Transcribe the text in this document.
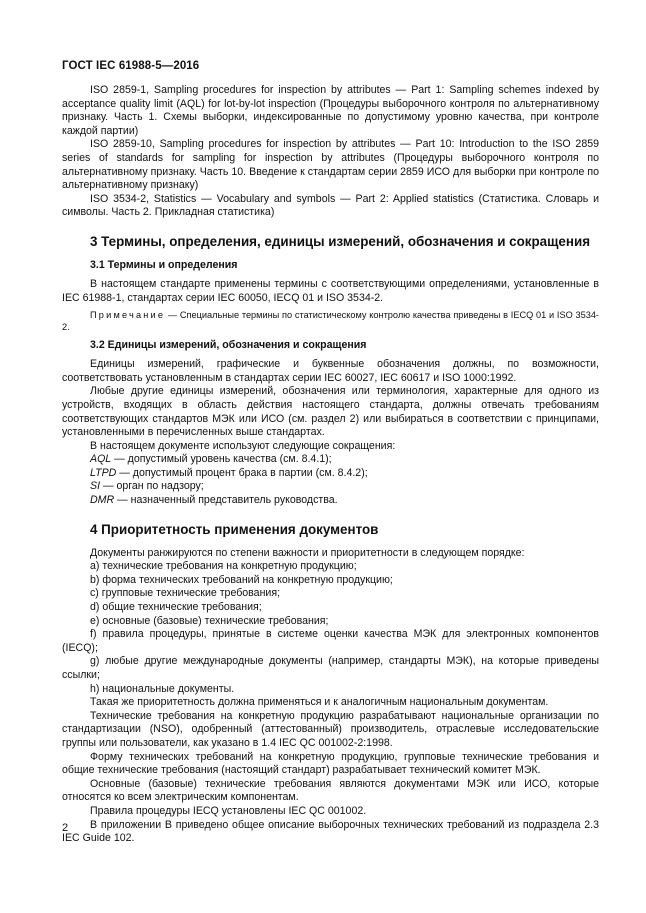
ГОСТ IEC 61988-5—2016

ISO 2859-1, Sampling procedures for inspection by attributes — Part 1: Sampling schemes indexed by acceptance quality limit (AQL) for lot-by-lot inspection (Процедуры выборочного контроля по альтернативному признаку. Часть 1. Схемы выборки, индексированные по допустимому уровню качества, при контроле каждой партии)

ISO 2859-10, Sampling procedures for inspection by attributes — Part 10: Introduction to the ISO 2859 series of standards for sampling for inspection by attributes (Процедуры выборочного контроля по альтернативному признаку. Часть 10. Введение к стандартам серии 2859 ИСО для выборки при контроле по альтернативному признаку)

ISO 3534-2, Statistics — Vocabulary and symbols — Part 2: Applied statistics (Статистика. Словарь и символы. Часть 2. Прикладная статистика)

3 Термины, определения, единицы измерений, обозначения и сокращения
3.1 Термины и определения

В настоящем стандарте применены термины с соответствующими определениями, установленные в IEC 61988-1, стандартах серии IEC 60050, IECQ 01 и ISO 3534-2.

Примечание — Специальные термины по статистическому контролю качества приведены в IECQ 01 и ISO 3534-2.

3.2 Единицы измерений, обозначения и сокращения

Единицы измерений, графические и буквенные обозначения должны, по возможности, соответствовать установленным в стандартах серии IEC 60027, IEC 60617 и ISO 1000:1992.

Любые другие единицы измерений, обозначения или терминология, характерные для одного из устройств, входящих в область действия настоящего стандарта, должны отвечать требованиям соответствующих стандартов МЭК или ИСО (см. раздел 2) или выбираться в соответствии с принципами, установленными в перечисленных выше стандартах.

В настоящем документе используют следующие сокращения:

AQL — допустимый уровень качества (см. 8.4.1);

LTPD — допустимый процент брака в партии (см. 8.4.2);

SI — орган по надзору;

DMR — назначенный представитель руководства.

4 Приоритетность применения документов

Документы ранжируются по степени важности и приоритетности в следующем порядке:

a) технические требования на конкретную продукцию;

b) форма технических требований на конкретную продукцию;

c) групповые технические требования;

d) общие технические требования;

e) основные (базовые) технические требования;

f) правила процедуры, принятые в системе оценки качества МЭК для электронных компонентов (IECQ);

g) любые другие международные документы (например, стандарты МЭК), на которые приведены ссылки;

h) национальные документы.

Такая же приоритетность должна применяться и к аналогичным национальным документам.

Технические требования на конкретную продукцию разрабатывают национальные организации по стандартизации (NSO), одобренный (аттестованный) производитель, отраслевые исследовательские группы или пользователи, как указано в 1.4 IEC QC 001002-2:1998.

Форму технических требований на конкретную продукцию, групповые технические требования и общие технические требования (настоящий стандарт) разрабатывает технический комитет МЭК.

Основные (базовые) технические требования являются документами МЭК или ИСО, которые относятся ко всем электрическим компонентам.

Правила процедуры IECQ установлены IEC QC 001002.

В приложении В приведено общее описание выборочных технических требований из подраздела 2.3 IEC Guide 102.

2
